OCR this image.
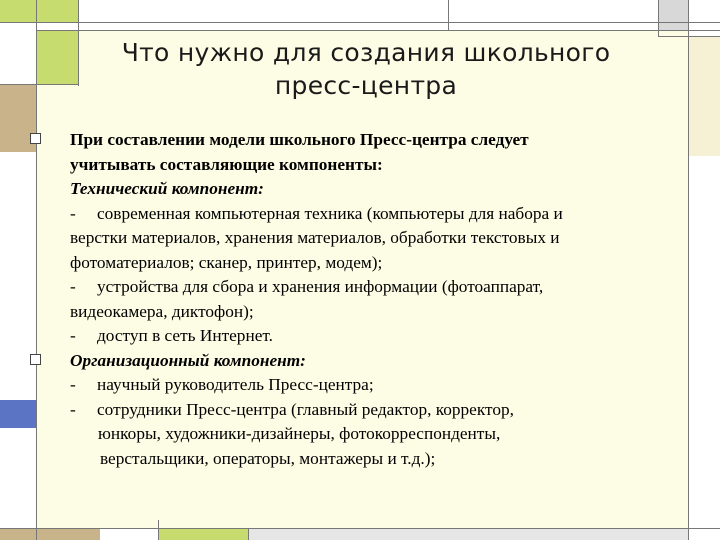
Что нужно для создания школьного
пресс-центра
При составлении модели школьного Пресс-центра следует
учитывать составляющие компоненты:
Технический компонент:
- современная компьютерная техника (компьютеры для набора и
верстки материалов, хранения материалов, обработки текстовых и
фотоматериалов; сканер, принтер, модем);
- устройства для сбора и хранения информации (фотоаппарат,
видеокамера, диктофон);
- доступ в сеть Интернет.
Организационный компонент:
- научный руководитель Пресс-центра;
- сотрудники Пресс-центра (главный редактор, корректор,
юнкоры, художники-дизайнеры, фотокорреспонденты,
верстальщики, операторы, монтажеры и т.д.);
